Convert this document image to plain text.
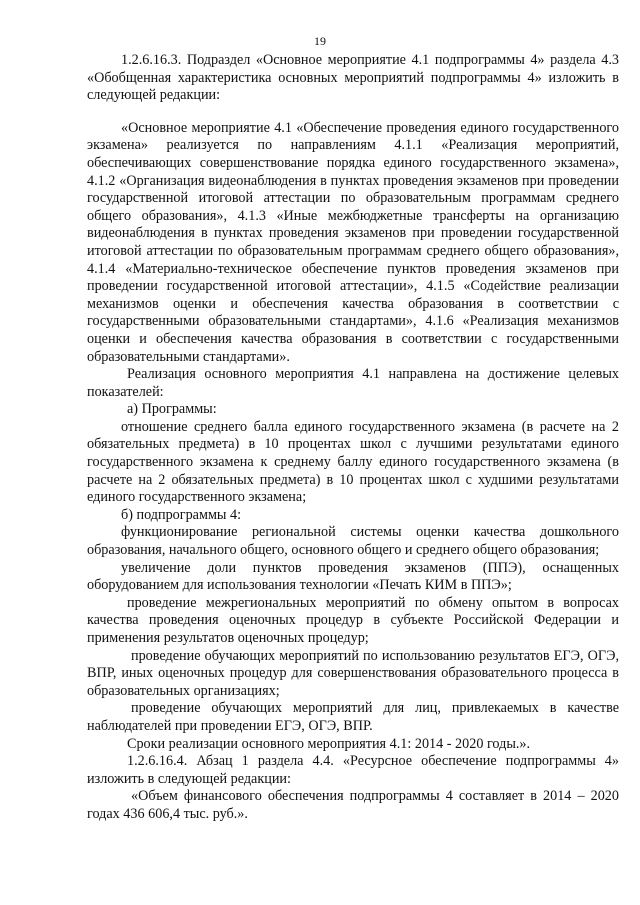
19

1.2.6.16.3. Подраздел «Основное мероприятие 4.1 подпрограммы 4» раздела 4.3 «Обобщенная характеристика основных мероприятий подпрограммы 4» изложить в следующей редакции:

«Основное мероприятие 4.1 «Обеспечение проведения единого государственного экзамена» реализуется по направлениям 4.1.1 «Реализация мероприятий, обеспечивающих совершенствование порядка единого государственного экзамена», 4.1.2 «Организация видеонаблюдения в пунктах проведения экзаменов при проведении государственной итоговой аттестации по образовательным программам среднего общего образования», 4.1.3 «Иные межбюджетные трансферты на организацию видеонаблюдения в пунктах проведения экзаменов при проведении государственной итоговой аттестации по образовательным программам среднего общего образования», 4.1.4 «Материально-техническое обеспечение пунктов проведения экзаменов при проведении государственной итоговой аттестации», 4.1.5 «Содействие реализации механизмов оценки и обеспечения качества образования в соответствии с государственными образовательными стандартами», 4.1.6 «Реализация механизмов оценки и обеспечения качества образования в соответствии с государственными образовательными стандартами».

Реализация основного мероприятия 4.1 направлена на достижение целевых показателей:

а) Программы:

отношение среднего балла единого государственного экзамена (в расчете на 2 обязательных предмета) в 10 процентах школ с лучшими результатами единого государственного экзамена к среднему баллу единого государственного экзамена (в расчете на 2 обязательных предмета) в 10 процентах школ с худшими результатами единого государственного экзамена;

б) подпрограммы 4:

функционирование региональной системы оценки качества дошкольного образования, начального общего, основного общего и среднего общего образования;

увеличение доли пунктов проведения экзаменов (ППЭ), оснащенных оборудованием для использования технологии «Печать КИМ в ППЭ»;

проведение межрегиональных мероприятий по обмену опытом в вопросах качества проведения оценочных процедур в субъекте Российской Федерации и применения результатов оценочных процедур;

проведение обучающих мероприятий по использованию результатов ЕГЭ, ОГЭ, ВПР, иных оценочных процедур для совершенствования образовательного процесса в образовательных организациях;

проведение обучающих мероприятий для лиц, привлекаемых в качестве наблюдателей при проведении ЕГЭ, ОГЭ, ВПР.

Сроки реализации основного мероприятия 4.1: 2014 - 2020 годы.».

1.2.6.16.4. Абзац 1 раздела 4.4. «Ресурсное обеспечение подпрограммы 4» изложить в следующей редакции:

«Объем финансового обеспечения подпрограммы 4 составляет в 2014 – 2020 годах 436 606,4 тыс. руб.».
